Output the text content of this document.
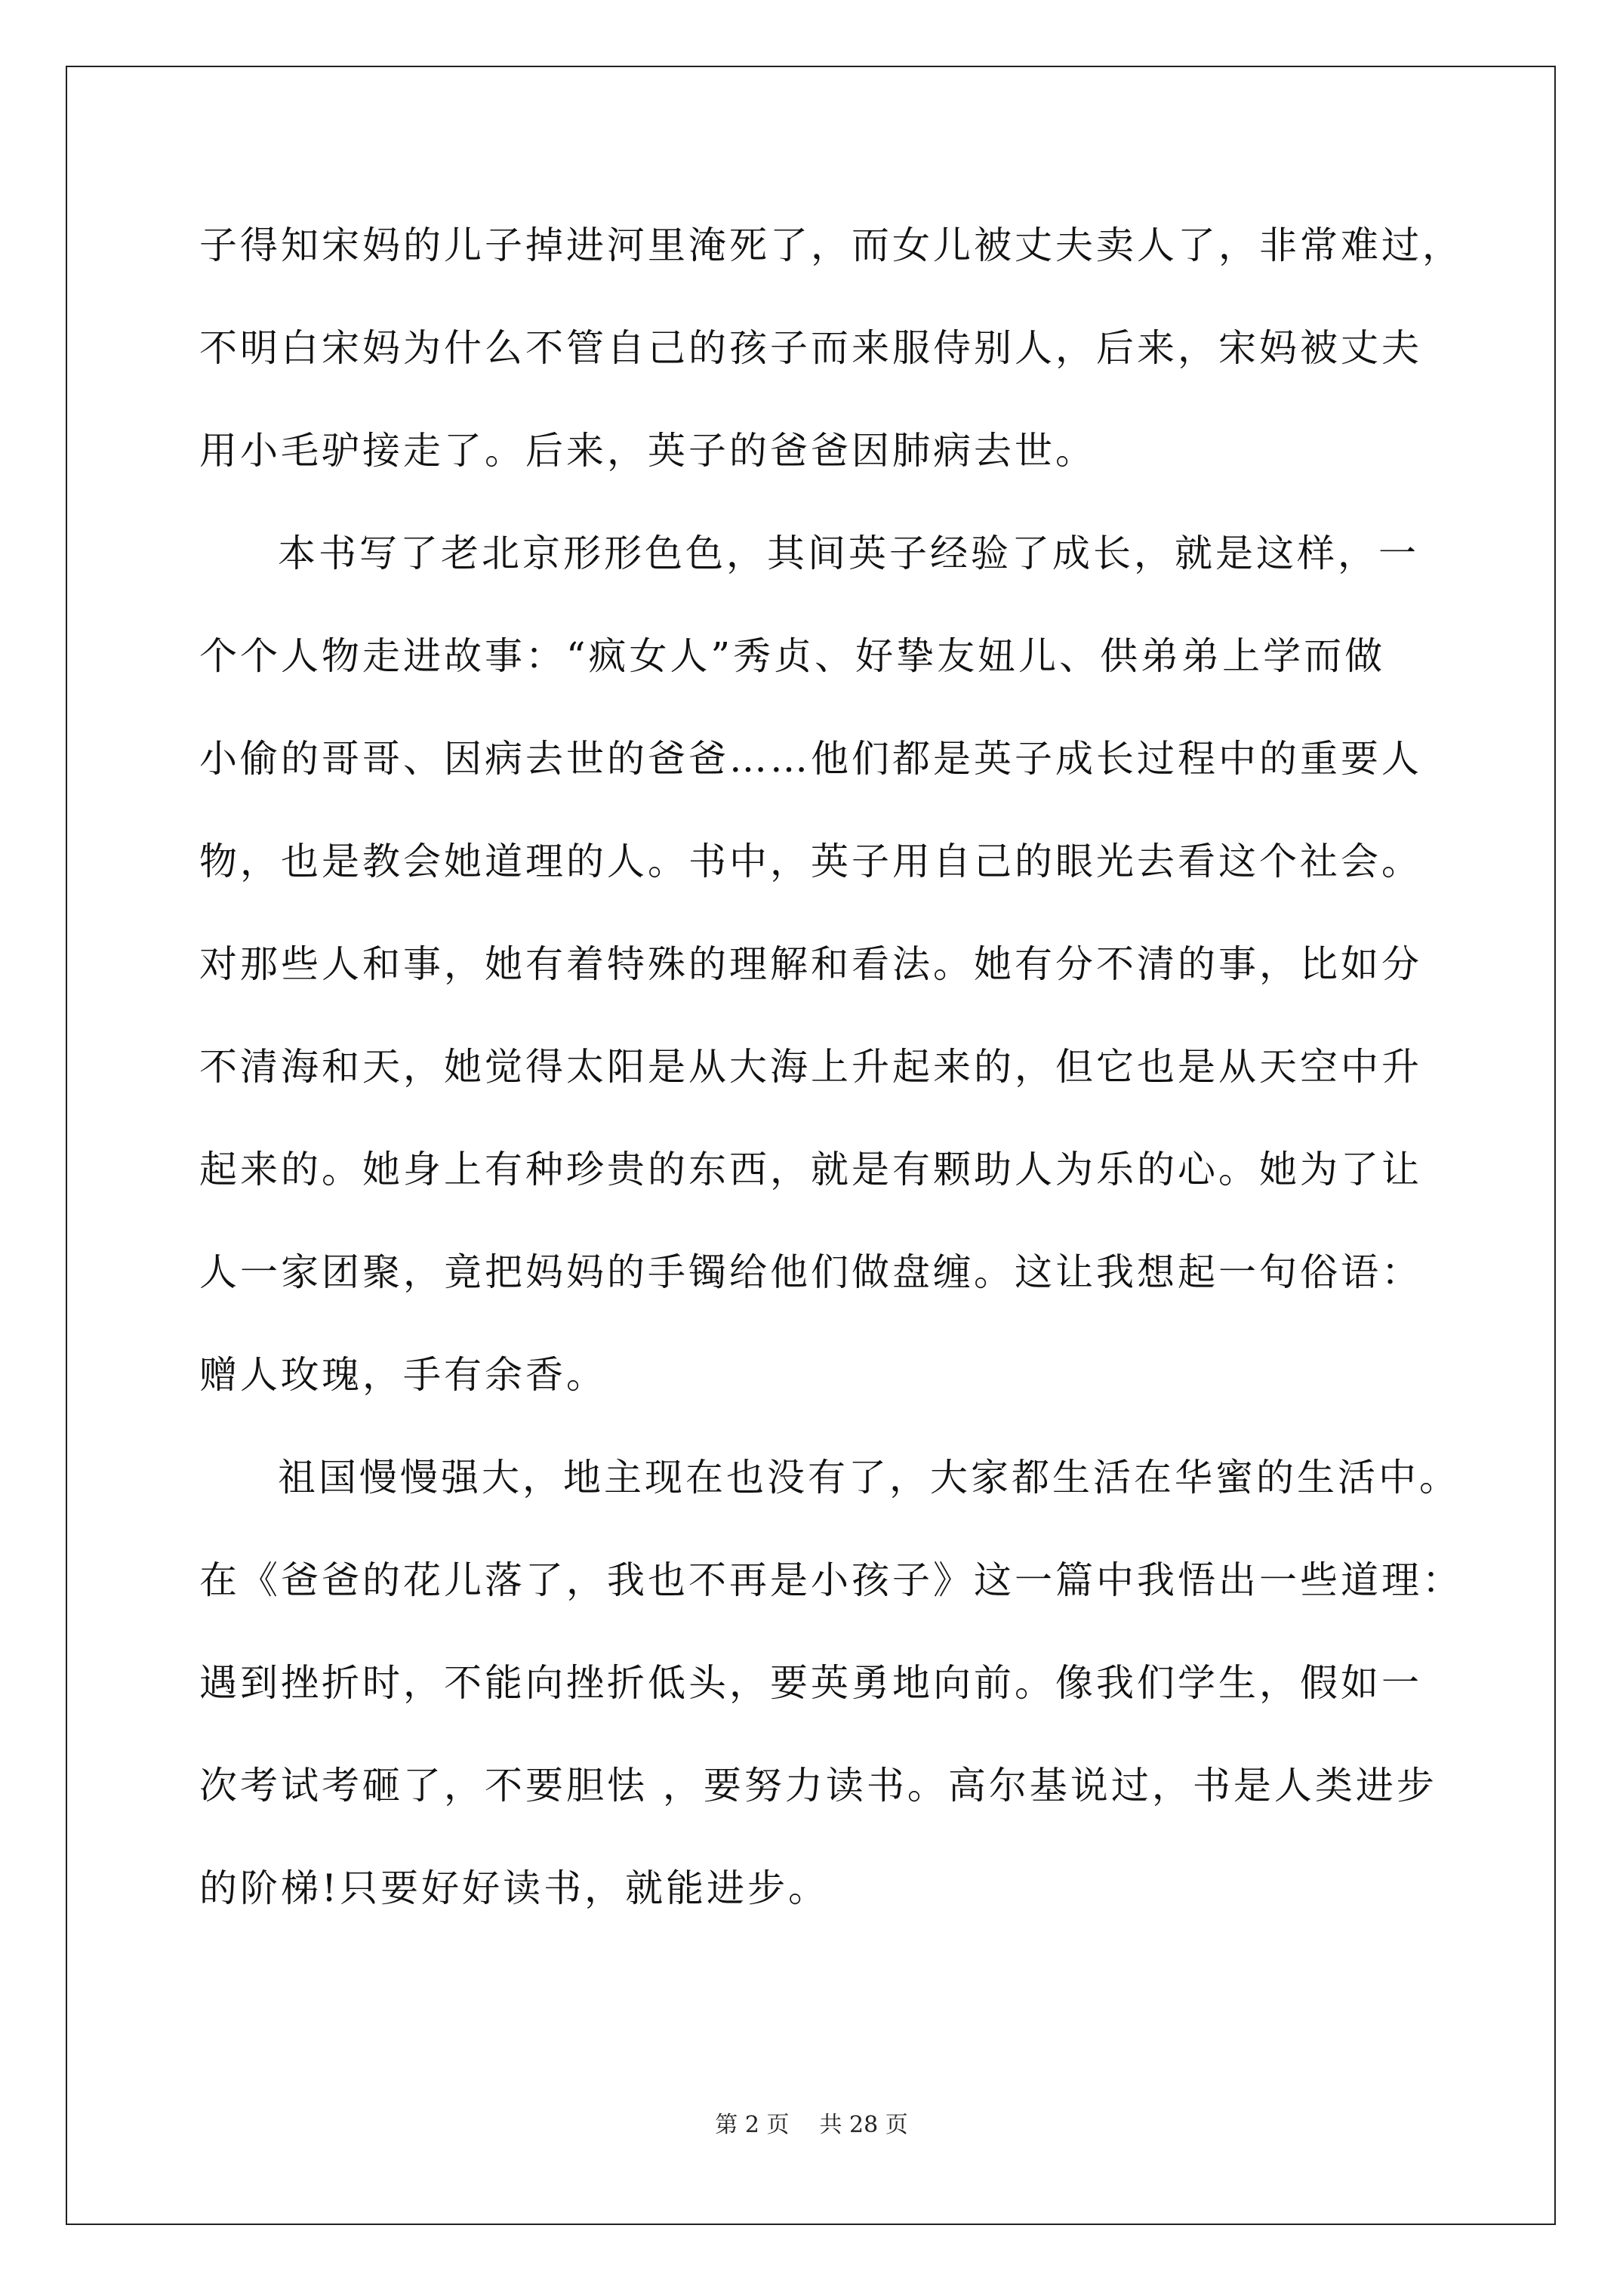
子得知宋妈的儿子掉进河里淹死了，而女儿被丈夫卖人了，非常难过，
不明白宋妈为什么不管自己的孩子而来服侍别人，后来，宋妈被丈夫
用小毛驴接走了。后来，英子的爸爸因肺病去世。
本书写了老北京形形色色，其间英子经验了成长，就是这样，一
个个人物走进故事：“疯女人”秀贞、好挚友妞儿、供弟弟上学而做
小偷的哥哥、因病去世的爸爸……他们都是英子成长过程中的重要人
物，也是教会她道理的人。书中，英子用自己的眼光去看这个社会。
对那些人和事，她有着特殊的理解和看法。她有分不清的事，比如分
不清海和天，她觉得太阳是从大海上升起来的，但它也是从天空中升
起来的。她身上有种珍贵的东西，就是有颗助人为乐的心。她为了让
人一家团聚，竟把妈妈的手镯给他们做盘缠。这让我想起一句俗语：
赠人玫瑰，手有余香。
祖国慢慢强大，地主现在也没有了，大家都生活在华蜜的生活中。
在《爸爸的花儿落了，我也不再是小孩子》这一篇中我悟出一些道理：
遇到挫折时，不能向挫折低头，要英勇地向前。像我们学生，假如一
次考试考砸了，不要胆怯 ，要努力读书。高尔基说过，书是人类进步
的阶梯!只要好好读书，就能进步。
第 2 页 共 28 页
